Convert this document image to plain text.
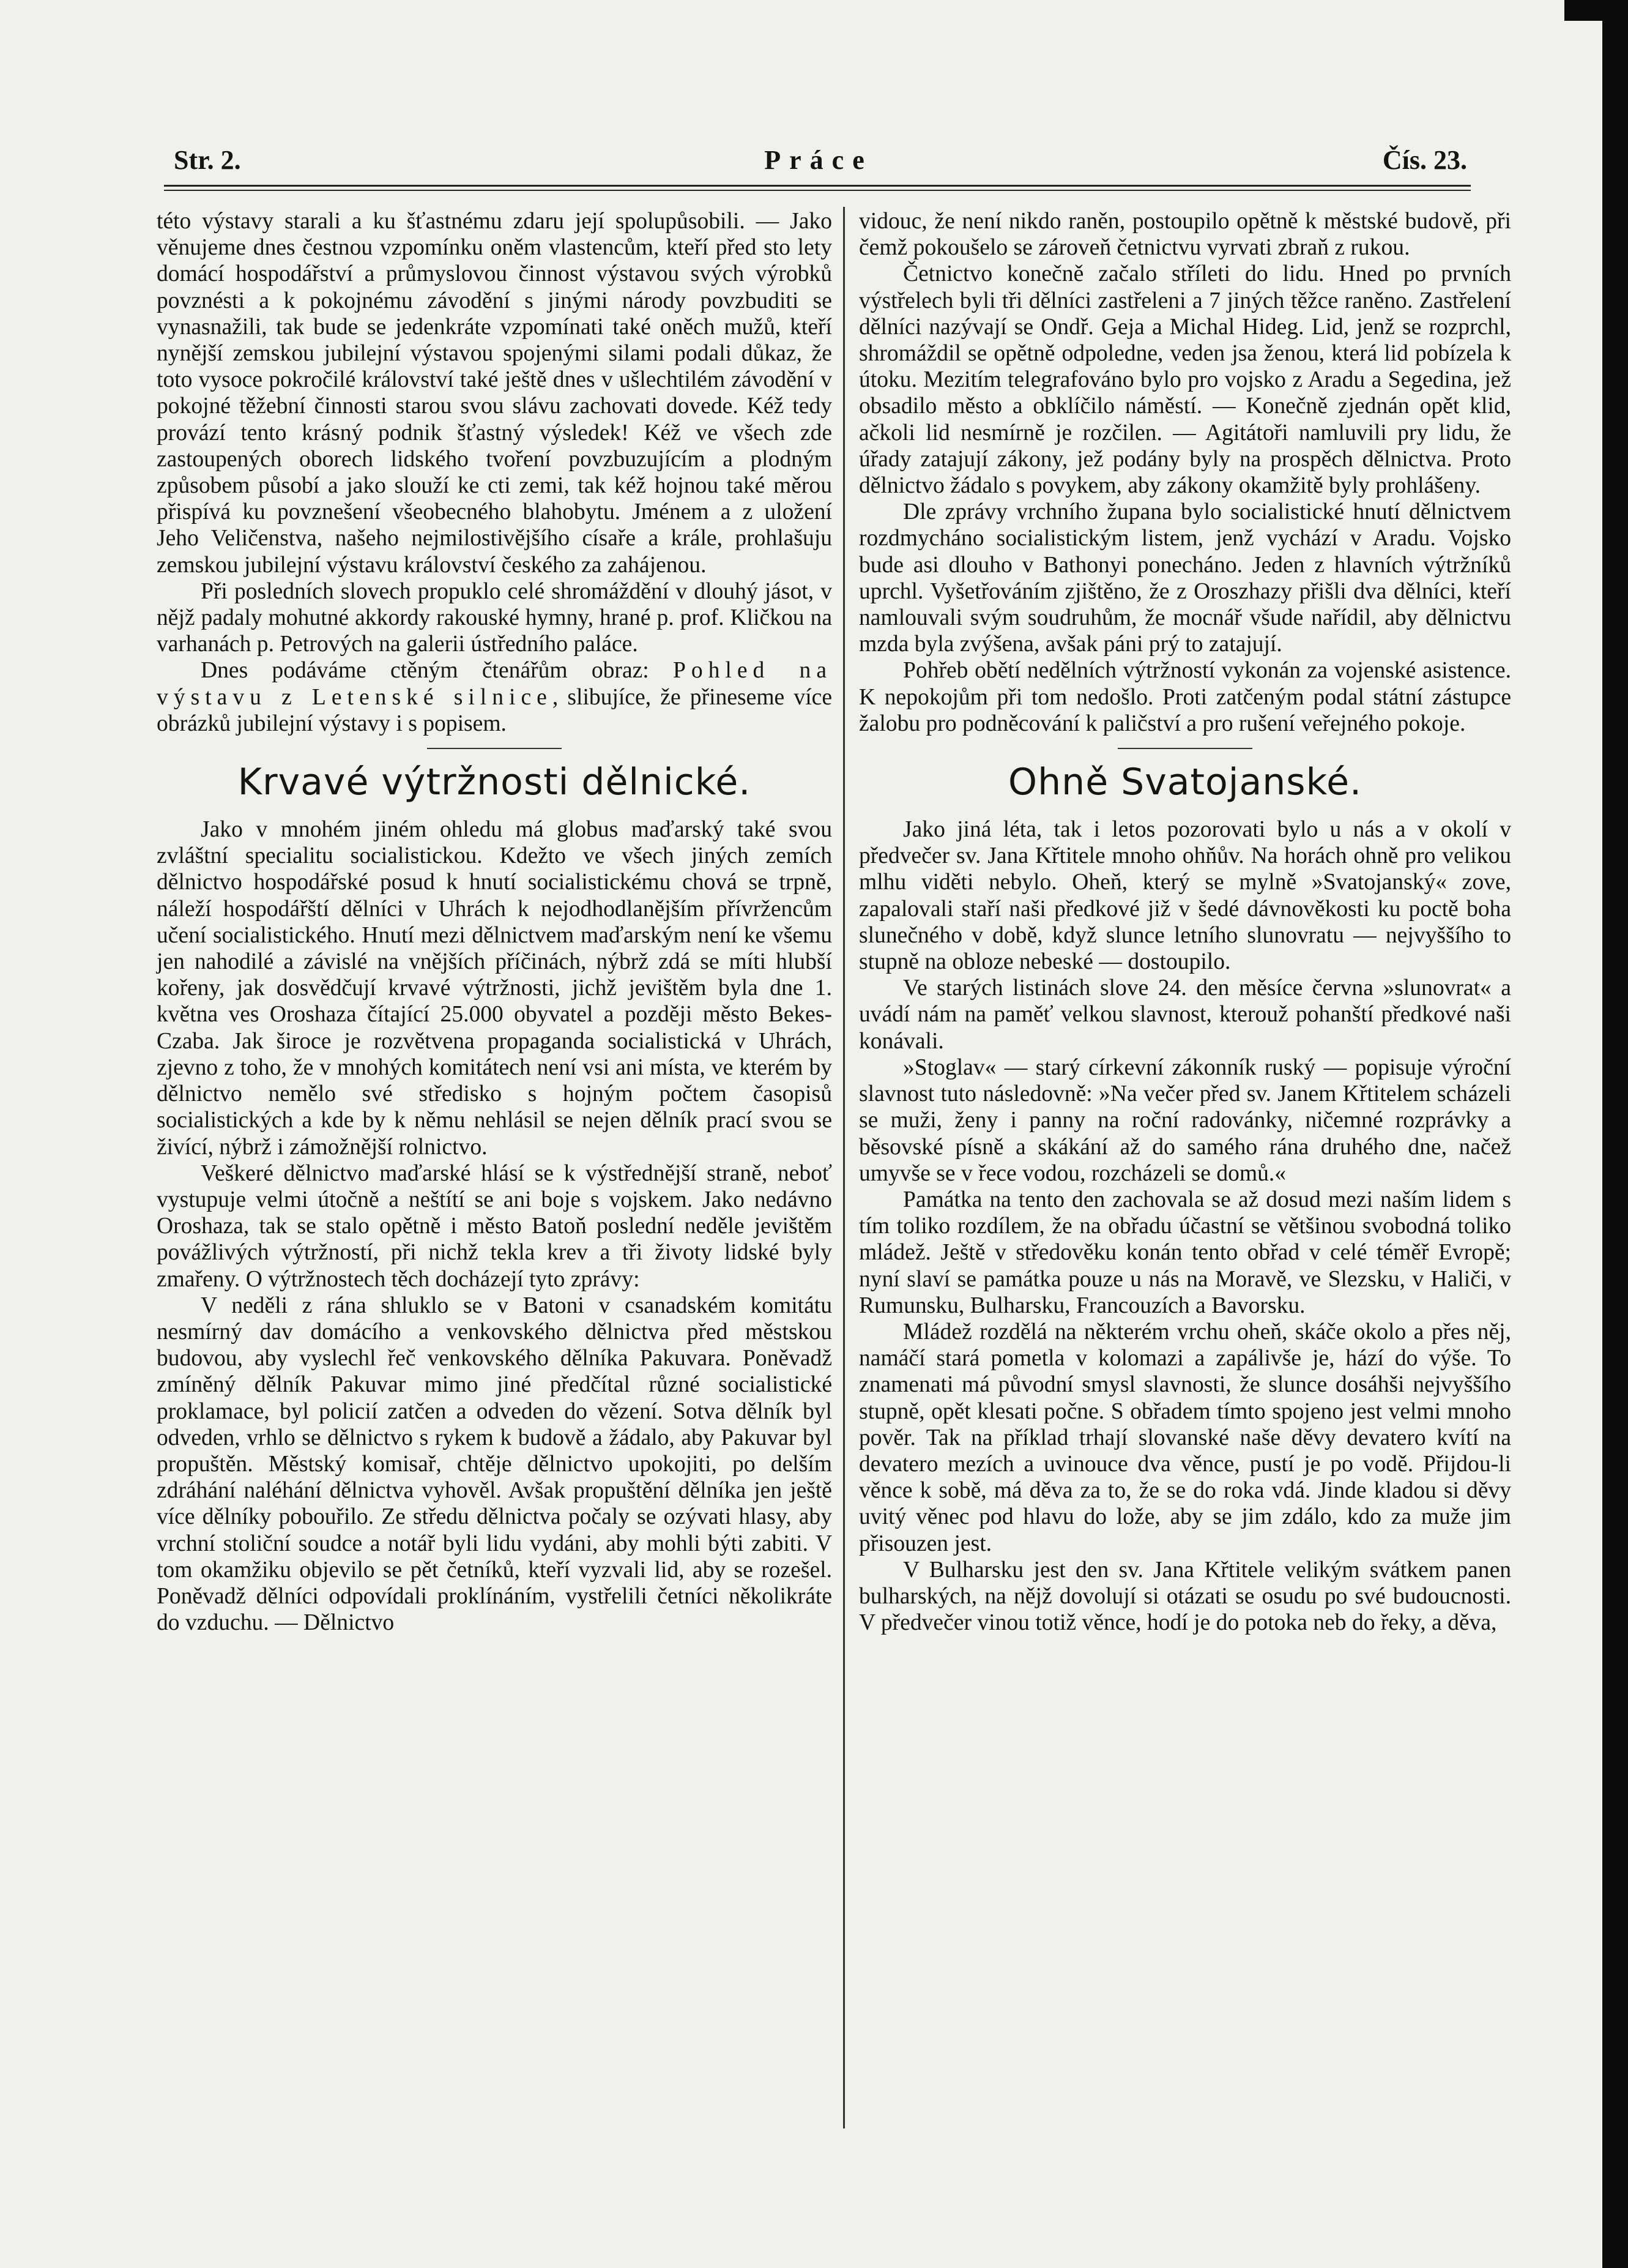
Str. 2.	Práce	Čís. 23.

této výstavy starali a ku šťastnému zdaru její spolupůsobili. — Jako věnujeme dnes čestnou vzpomínku oněm vlastencům, kteří před sto lety domácí hospodářství a průmyslovou činnost výstavou svých výrobků povznésti a k pokojnému závodění s jinými národy povzbuditi se vynasnažili, tak bude se jedenkráte vzpomínati také oněch mužů, kteří nynější zemskou jubilejní výstavou spojenými silami podali důkaz, že toto vysoce pokročilé království také ještě dnes v ušlechtilém závodění v pokojné těžební činnosti starou svou slávu zachovati dovede. Kéž tedy provází tento krásný podnik šťastný výsledek! Kéž ve všech zde zastoupených oborech lidského tvoření povzbuzujícím a plodným způsobem působí a jako slouží ke cti zemi, tak kéž hojnou také měrou přispívá ku povznešení všeobecného blahobytu. Jménem a z uložení Jeho Veličenstva, našeho nejmilostivějšího císaře a krále, prohlašuju zemskou jubilejní výstavu království českého za zahájenou.

Při posledních slovech propuklo celé shromáždění v dlouhý jásot, v nějž padaly mohutné akkordy rakouské hymny, hrané p. prof. Kličkou na varhanách p. Petrových na galerii ústředního paláce.

Dnes podáváme ctěným čtenářům obraz: Pohled na výstavu z Letenské silnice, slibujíce, že přineseme více obrázků jubilejní výstavy i s popisem.

Krvavé výtržnosti dělnické.

Jako v mnohém jiném ohledu má globus maďarský také svou zvláštní specialitu socialistickou. Kdežto ve všech jiných zemích dělnictvo hospodářské posud k hnutí socialistickému chová se trpně, náleží hospodářští dělníci v Uhrách k nejodhodlanějším přívržencům učení socialistického. Hnutí mezi dělnictvem maďarským není ke všemu jen nahodilé a závislé na vnějších příčinách, nýbrž zdá se míti hlubší kořeny, jak dosvědčují krvavé výtržnosti, jichž jevištěm byla dne 1. května ves Oroshaza čítající 25.000 obyvatel a později město Bekes-Czaba. Jak široce je rozvětvena propaganda socialistická v Uhrách, zjevno z toho, že v mnohých komitátech není vsi ani místa, ve kterém by dělnictvo nemělo své středisko s hojným počtem časopisů socialistických a kde by k němu nehlásil se nejen dělník prací svou se živící, nýbrž i zámožnější rolnictvo.

Veškeré dělnictvo maďarské hlásí se k výstřednější straně, neboť vystupuje velmi útočně a neštítí se ani boje s vojskem. Jako nedávno Oroshaza, tak se stalo opětně i město Batoň poslední neděle jevištěm povážlivých výtržností, při nichž tekla krev a tři životy lidské byly zmařeny. O výtržnostech těch docházejí tyto zprávy:

V neděli z rána shluklo se v Batoni v csanadském komitátu nesmírný dav domácího a venkovského dělnictva před městskou budovou, aby vyslechl řeč venkovského dělníka Pakuvara. Poněvadž zmíněný dělník Pakuvar mimo jiné předčítal různé socialistické proklamace, byl policií zatčen a odveden do vězení. Sotva dělník byl odveden, vrhlo se dělnictvo s rykem k budově a žádalo, aby Pakuvar byl propuštěn. Městský komisař, chtěje dělnictvo upokojiti, po delším zdráhání naléhání dělnictva vyhověl. Avšak propuštění dělníka jen ještě více dělníky pobouřilo. Ze středu dělnictva počaly se ozývati hlasy, aby vrchní stoliční soudce a notář byli lidu vydáni, aby mohli býti zabiti. V tom okamžiku objevilo se pět četníků, kteří vyzvali lid, aby se rozešel. Poněvadž dělníci odpovídali proklínáním, vystřelili četníci několikráte do vzduchu. — Dělnictvo

vidouc, že není nikdo raněn, postoupilo opětně k městské budově, při čemž pokoušelo se zároveň četnictvu vyrvati zbraň z rukou.

Četnictvo konečně začalo stříleti do lidu. Hned po prvních výstřelech byli tři dělníci zastřeleni a 7 jiných těžce raněno. Zastřelení dělníci nazývají se Ondř. Geja a Michal Hideg. Lid, jenž se rozprchl, shromáždil se opětně odpoledne, veden jsa ženou, která lid pobízela k útoku. Mezitím telegrafováno bylo pro vojsko z Aradu a Segedina, jež obsadilo město a obklíčilo náměstí. — Konečně zjednán opět klid, ačkoli lid nesmírně je rozčilen. — Agitátoři namluvili pry lidu, že úřady zatajují zákony, jež podány byly na prospěch dělnictva. Proto dělnictvo žádalo s povykem, aby zákony okamžitě byly prohlášeny.

Dle zprávy vrchního župana bylo socialistické hnutí dělnictvem rozdmycháno socialistickým listem, jenž vychází v Aradu. Vojsko bude asi dlouho v Bathonyi ponecháno. Jeden z hlavních výtržníků uprchl. Vyšetřováním zjištěno, že z Oroszhazy přišli dva dělníci, kteří namlouvali svým soudruhům, že mocnář všude nařídil, aby dělnictvu mzda byla zvýšena, avšak páni prý to zatajují.

Pohřeb obětí nedělních výtržností vykonán za vojenské asistence. K nepokojům při tom nedošlo. Proti zatčeným podal státní zástupce žalobu pro podněcování k paličství a pro rušení veřejného pokoje.

Ohně Svatojanské.

Jako jiná léta, tak i letos pozorovati bylo u nás a v okolí v předvečer sv. Jana Křtitele mnoho ohňův. Na horách ohně pro velikou mlhu viděti nebylo. Oheň, který se mylně »Svatojanský« zove, zapalovali staří naši předkové již v šedé dávnověkosti ku poctě boha slunečného v době, když slunce letního slunovratu — nejvyššího to stupně na obloze nebeské — dostoupilo.

Ve starých listinách slove 24. den měsíce června »slunovrat« a uvádí nám na paměť velkou slavnost, kterouž pohanští předkové naši konávali.

»Stoglav« — starý církevní zákonník ruský — popisuje výroční slavnost tuto následovně: »Na večer před sv. Janem Křtitelem scházeli se muži, ženy i panny na roční radovánky, ničemné rozprávky a běsovské písně a skákání až do samého rána druhého dne, načež umyvše se v řece vodou, rozcházeli se domů.«

Památka na tento den zachovala se až dosud mezi naším lidem s tím toliko rozdílem, že na obřadu účastní se většinou svobodná toliko mládež. Ještě v středověku konán tento obřad v celé téměř Evropě; nyní slaví se památka pouze u nás na Moravě, ve Slezsku, v Haliči, v Rumunsku, Bulharsku, Francouzích a Bavorsku.

Mládež rozdělá na některém vrchu oheň, skáče okolo a přes něj, namáčí stará pometla v kolomazi a zapálivše je, hází do výše. To znamenati má původní smysl slavnosti, že slunce dosáhši nejvyššího stupně, opět klesati počne. S obřadem tímto spojeno jest velmi mnoho pověr. Tak na příklad trhají slovanské naše děvy devatero kvítí na devatero mezích a uvinouce dva věnce, pustí je po vodě. Přijdou-li věnce k sobě, má děva za to, že se do roka vdá. Jinde kladou si děvy uvitý věnec pod hlavu do lože, aby se jim zdálo, kdo za muže jim přisouzen jest.

V Bulharsku jest den sv. Jana Křtitele velikým svátkem panen bulharských, na nějž dovolují si otázati se osudu po své budoucnosti. V předvečer vinou totiž věnce, hodí je do potoka neb do řeky, a děva,
